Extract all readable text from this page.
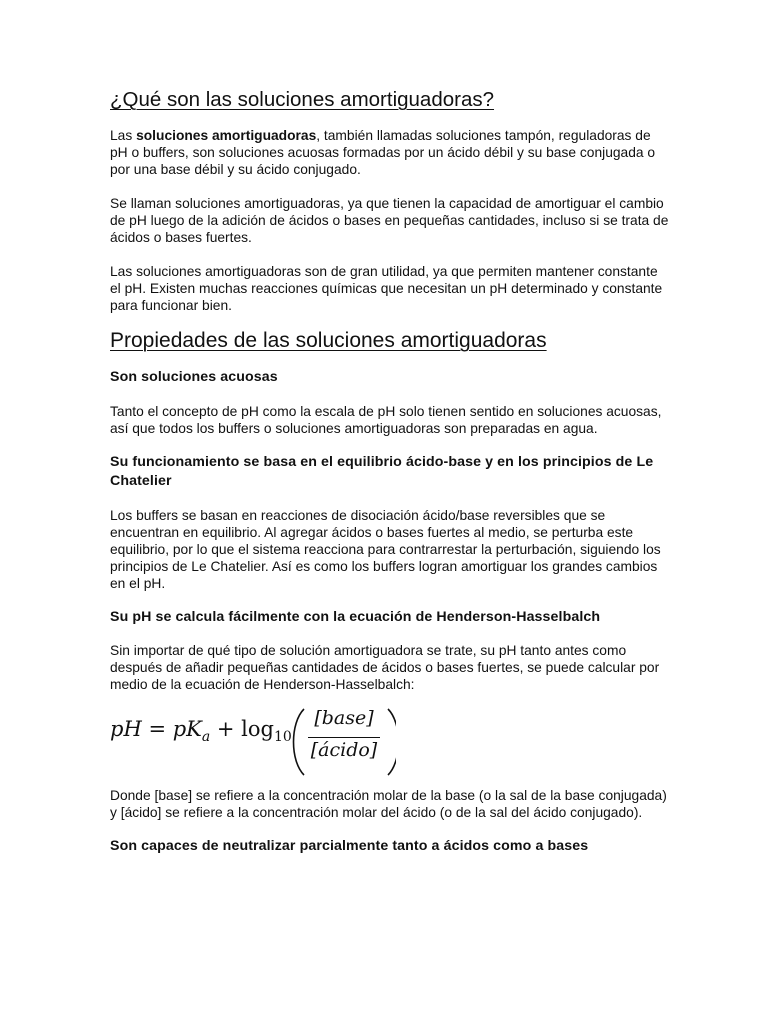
¿Qué son las soluciones amortiguadoras?

Las soluciones amortiguadoras, también llamadas soluciones tampón, reguladoras de pH o buffers, son soluciones acuosas formadas por un ácido débil y su base conjugada o por una base débil y su ácido conjugado.

Se llaman soluciones amortiguadoras, ya que tienen la capacidad de amortiguar el cambio de pH luego de la adición de ácidos o bases en pequeñas cantidades, incluso si se trata de ácidos o bases fuertes.

Las soluciones amortiguadoras son de gran utilidad, ya que permiten mantener constante el pH. Existen muchas reacciones químicas que necesitan un pH determinado y constante para funcionar bien.

Propiedades de las soluciones amortiguadoras
Son soluciones acuosas

Tanto el concepto de pH como la escala de pH solo tienen sentido en soluciones acuosas, así que todos los buffers o soluciones amortiguadoras son preparadas en agua.

Su funcionamiento se basa en el equilibrio ácido-base y en los principios de Le Chatelier

Los buffers se basan en reacciones de disociación ácido/base reversibles que se encuentran en equilibrio. Al agregar ácidos o bases fuertes al medio, se perturba este equilibrio, por lo que el sistema reacciona para contrarrestar la perturbación, siguiendo los principios de Le Chatelier. Así es como los buffers logran amortiguar los grandes cambios en el pH.

Su pH se calcula fácilmente con la ecuación de Henderson-Hasselbalch

Sin importar de qué tipo de solución amortiguadora se trate, su pH tanto antes como después de añadir pequeñas cantidades de ácidos o bases fuertes, se puede calcular por medio de la ecuación de Henderson-Hasselbalch:

pH = $pK_a + \log_{10}$
[base]
[ácido]

Donde [base] se refiere a la concentración molar de la base (o la sal de la base conjugada) y [ácido] se refiere a la concentración molar del ácido (o de la sal del ácido conjugado).

Son capaces de neutralizar parcialmente tanto a ácidos como a bases
